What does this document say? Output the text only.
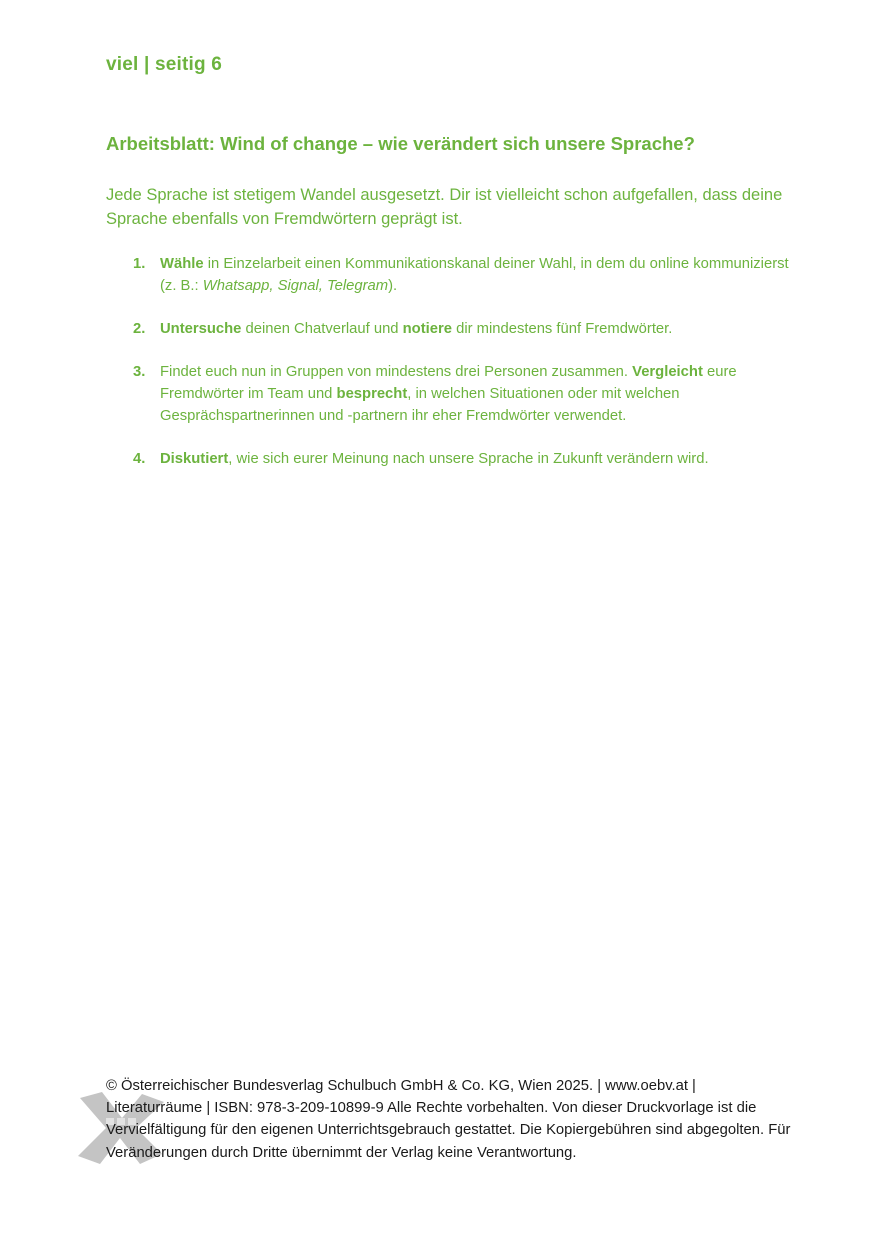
viel | seitig 6
Arbeitsblatt: Wind of change – wie verändert sich unsere Sprache?
Jede Sprache ist stetigem Wandel ausgesetzt. Dir ist vielleicht schon aufgefallen, dass deine Sprache ebenfalls von Fremdwörtern geprägt ist.
1. Wähle in Einzelarbeit einen Kommunikationskanal deiner Wahl, in dem du online kommunizierst (z. B.: Whatsapp, Signal, Telegram).
2. Untersuche deinen Chatverlauf und notiere dir mindestens fünf Fremdwörter.
3. Findet euch nun in Gruppen von mindestens drei Personen zusammen. Vergleicht eure Fremdwörter im Team und besprecht, in welchen Situationen oder mit welchen Gesprächspartnerinnen und -partnern ihr eher Fremdwörter verwendet.
4. Diskutiert, wie sich eurer Meinung nach unsere Sprache in Zukunft verändern wird.
© Österreichischer Bundesverlag Schulbuch GmbH & Co. KG, Wien 2025. | www.oebv.at | Literaturräume | ISBN: 978-3-209-10899-9 Alle Rechte vorbehalten. Von dieser Druckvorlage ist die Vervielfältigung für den eigenen Unterrichtsgebrauch gestattet. Die Kopiergebühren sind abgegolten. Für Veränderungen durch Dritte übernimmt der Verlag keine Verantwortung.
